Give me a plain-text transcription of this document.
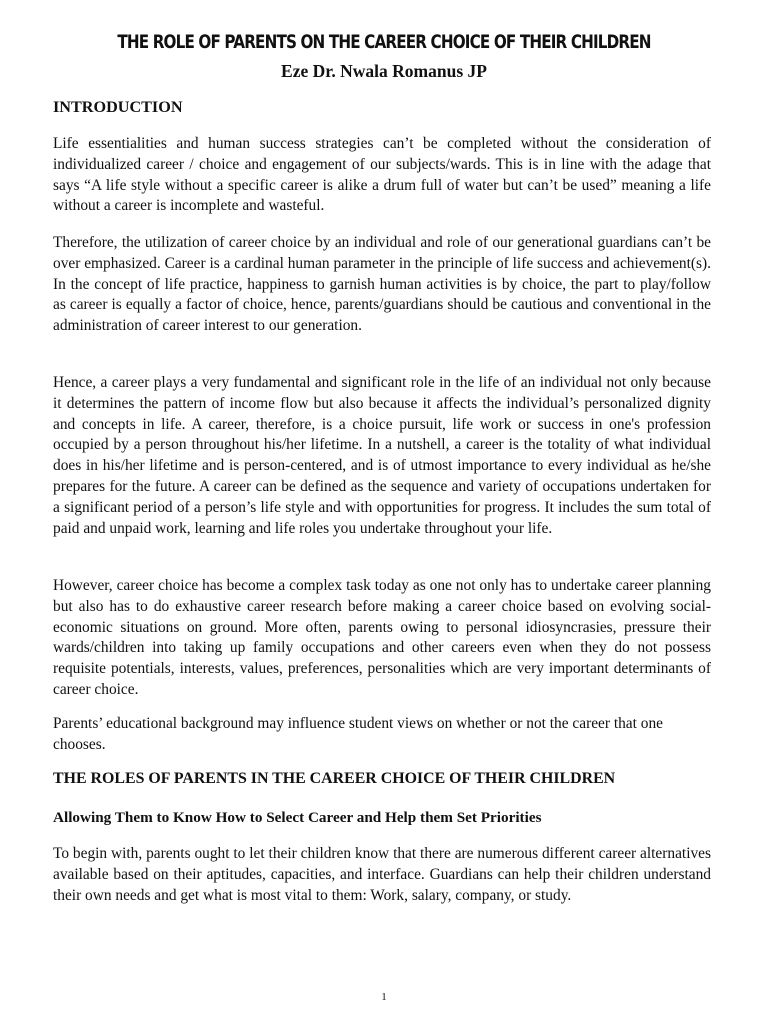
THE ROLE OF PARENTS ON THE CAREER CHOICE OF THEIR CHILDREN

Eze Dr. Nwala Romanus JP

INTRODUCTION

Life essentialities and human success strategies can’t be completed without the consideration of individualized career / choice and engagement of our subjects/wards. This is in line with the adage that says “A life style without a specific career is alike a drum full of water but can’t be used” meaning a life without a career is incomplete and wasteful.

Therefore, the utilization of career choice by an individual and role of our generational guardians can’t be over emphasized. Career is a cardinal human parameter in the principle of life success and achievement(s). In the concept of life practice, happiness to garnish human activities is by choice, the part to play/follow as career is equally a factor of choice, hence, parents/guardians should be cautious and conventional in the administration of career interest to our generation.

Hence, a career plays a very fundamental and significant role in the life of an individual not only because it determines the pattern of income flow but also because it affects the individual’s personalized dignity and concepts in life. A career, therefore, is a choice pursuit, life work or success in one's profession occupied by a person throughout his/her lifetime. In a nutshell, a career is the totality of what individual does in his/her lifetime and is person-centered, and is of utmost importance to every individual as he/she prepares for the future. A career can be defined as the sequence and variety of occupations undertaken for a significant period of a person’s life style and with opportunities for progress. It includes the sum total of paid and unpaid work, learning and life roles you undertake throughout your life.

However, career choice has become a complex task today as one not only has to undertake career planning but also has to do exhaustive career research before making a career choice based on evolving social-economic situations on ground. More often, parents owing to personal idiosyncrasies, pressure their wards/children into taking up family occupations and other careers even when they do not possess requisite potentials, interests, values, preferences, personalities which are very important determinants of career choice.

Parents’ educational background may influence student views on whether or not the career that one chooses.

THE ROLES OF PARENTS IN THE CAREER CHOICE OF THEIR CHILDREN
Allowing Them to Know How to Select Career and Help them Set Priorities

To begin with, parents ought to let their children know that there are numerous different career alternatives available based on their aptitudes, capacities, and interface. Guardians can help their children understand their own needs and get what is most vital to them: Work, salary, company, or study.

1
